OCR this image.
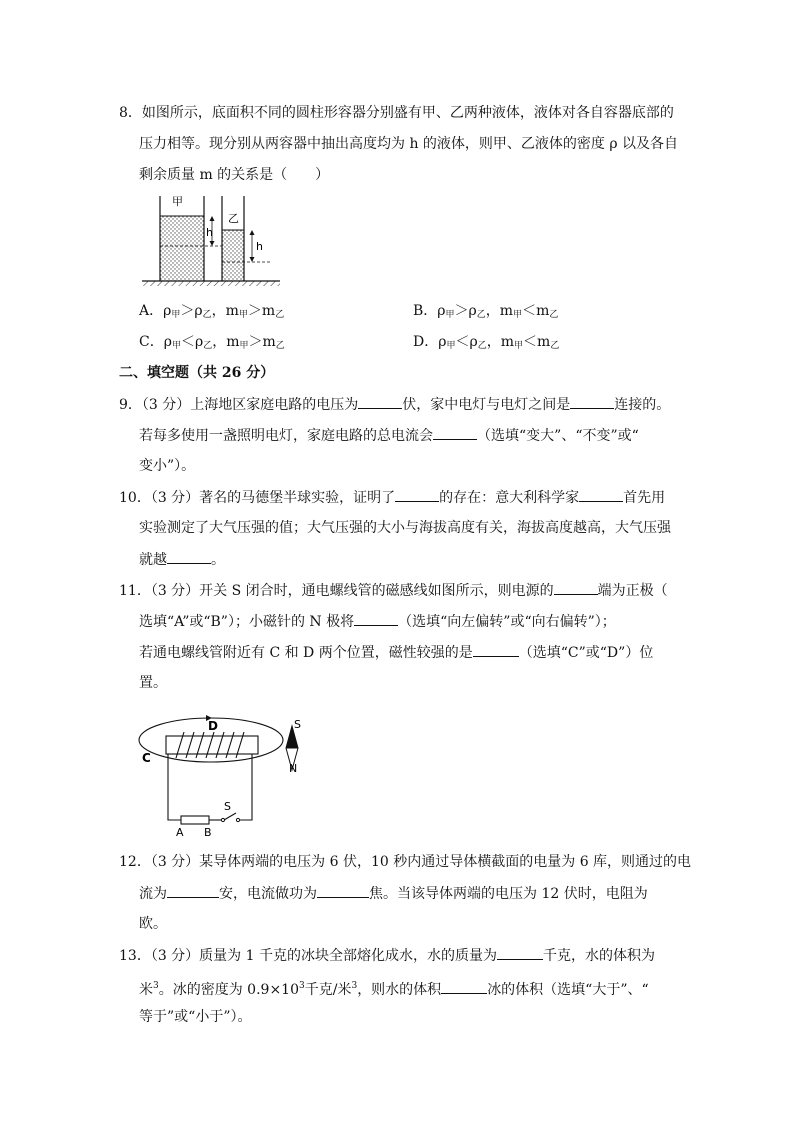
8．如图所示，底面积不同的圆柱形容器分别盛有甲、乙两种液体，液体对各自容器底部的
压力相等。现分别从两容器中抽出高度均为 h 的液体，则甲、乙液体的密度 ρ 以及各自
剩余质量 m 的关系是（　　）
甲
乙
h
h
A．$\rho_甲>\rho_乙$，$m_甲>m_乙$	B．$\rho_甲>\rho_乙$，$m_甲<m_乙$
C．$\rho_甲<\rho_乙$，$m_甲>m_乙$	D．$\rho_甲<\rho_乙$，$m_甲<m_乙$
二、填空题（共 26 分）
9．（3 分）上海地区家庭电路的电压为	伏，家中电灯与电灯之间是	连接的。
若每多使用一盏照明电灯，家庭电路的总电流会	（选填“变大”、“不变”或“
变小”）。
10．（3 分）著名的马德堡半球实验，证明了	的存在：意大利科学家	首先用
实验测定了大气压强的值；大气压强的大小与海拔高度有关，海拔高度越高，大气压强
就越	。
11．（3 分）开关 S 闭合时，通电螺线管的磁感线如图所示，则电源的	端为正极（
选填“A”或“B”）；小磁针的 N 极将	（选填“向左偏转”或“向右偏转”）；
若通电螺线管附近有 C 和 D 两个位置，磁性较强的是	（选填“C”或“D”）位
置。
D
C
S
N
A B
S
12．（3 分）某导体两端的电压为 6 伏，10 秒内通过导体横截面的电量为 6 库，则通过的电
流为	安，电流做功为	焦。当该导体两端的电压为 12 伏时，电阻为
欧。
13．（3 分）质量为 1 千克的冰块全部熔化成水，水的质量为	千克，水的体积为
米$^3$。冰的密度为 $0.9\times 10^3$千克/米$^3$，则水的体积	冰的体积（选填“大于”、“
等于”或“小于”）。
